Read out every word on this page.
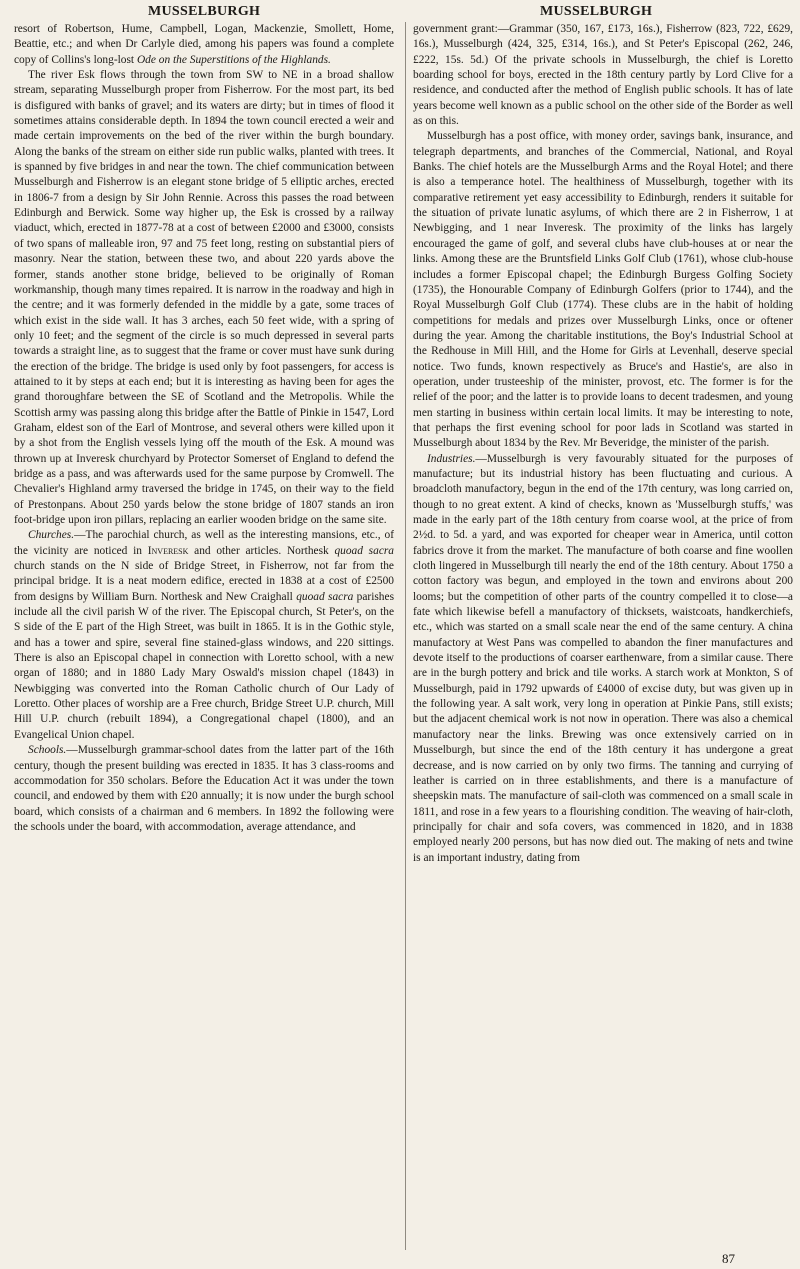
MUSSELBURGH	MUSSELBURGH

resort of Robertson, Hume, Campbell, Logan, Mackenzie, Smollett, Home, Beattie, etc.; and when Dr Carlyle died, among his papers was found a complete copy of Collins's long-lost Ode on the Superstitions of the Highlands.

The river Esk flows through the town from SW to NE in a broad shallow stream, separating Musselburgh proper from Fisherrow. For the most part, its bed is disfigured with banks of gravel; and its waters are dirty; but in times of flood it sometimes attains considerable depth. In 1894 the town council erected a weir and made certain improvements on the bed of the river within the burgh boundary. Along the banks of the stream on either side run public walks, planted with trees. It is spanned by five bridges in and near the town. The chief communication between Musselburgh and Fisherrow is an elegant stone bridge of 5 elliptic arches, erected in 1806-7 from a design by Sir John Rennie. Across this passes the road between Edinburgh and Berwick. Some way higher up, the Esk is crossed by a railway viaduct, which, erected in 1877-78 at a cost of between £2000 and £3000, consists of two spans of malleable iron, 97 and 75 feet long, resting on substantial piers of masonry. Near the station, between these two, and about 220 yards above the former, stands another stone bridge, believed to be originally of Roman workmanship, though many times repaired. It is narrow in the roadway and high in the centre; and it was formerly defended in the middle by a gate, some traces of which exist in the side wall. It has 3 arches, each 50 feet wide, with a spring of only 10 feet; and the segment of the circle is so much depressed in several parts towards a straight line, as to suggest that the frame or cover must have sunk during the erection of the bridge. The bridge is used only by foot passengers, for access is attained to it by steps at each end; but it is interesting as having been for ages the grand thoroughfare between the SE of Scotland and the Metropolis. While the Scottish army was passing along this bridge after the Battle of Pinkie in 1547, Lord Graham, eldest son of the Earl of Montrose, and several others were killed upon it by a shot from the English vessels lying off the mouth of the Esk. A mound was thrown up at Inveresk churchyard by Protector Somerset of England to defend the bridge as a pass, and was afterwards used for the same purpose by Cromwell. The Chevalier's Highland army traversed the bridge in 1745, on their way to the field of Prestonpans. About 250 yards below the stone bridge of 1807 stands an iron foot-bridge upon iron pillars, replacing an earlier wooden bridge on the same site.

Churches.—The parochial church, as well as the interesting mansions, etc., of the vicinity are noticed in Inveresk and other articles. Northesk quoad sacra church stands on the N side of Bridge Street, in Fisherrow, not far from the principal bridge. It is a neat modern edifice, erected in 1838 at a cost of £2500 from designs by William Burn. Northesk and New Craighall quoad sacra parishes include all the civil parish W of the river. The Episcopal church, St Peter's, on the S side of the E part of the High Street, was built in 1865. It is in the Gothic style, and has a tower and spire, several fine stained-glass windows, and 220 sittings. There is also an Episcopal chapel in connection with Loretto school, with a new organ of 1880; and in 1880 Lady Mary Oswald's mission chapel (1843) in Newbigging was converted into the Roman Catholic church of Our Lady of Loretto. Other places of worship are a Free church, Bridge Street U.P. church, Mill Hill U.P. church (rebuilt 1894), a Congregational chapel (1800), and an Evangelical Union chapel.

Schools.—Musselburgh grammar-school dates from the latter part of the 16th century, though the present building was erected in 1835. It has 3 class-rooms and accommodation for 350 scholars. Before the Education Act it was under the town council, and endowed by them with £20 annually; it is now under the burgh school board, which consists of a chairman and 6 members. In 1892 the following were the schools under the board, with accommodation, average attendance, and

government grant:—Grammar (350, 167, £173, 16s.), Fisherrow (823, 722, £629, 16s.), Musselburgh (424, 325, £314, 16s.), and St Peter's Episcopal (262, 246, £222, 15s. 5d.) Of the private schools in Musselburgh, the chief is Loretto boarding school for boys, erected in the 18th century partly by Lord Clive for a residence, and conducted after the method of English public schools. It has of late years become well known as a public school on the other side of the Border as well as on this.

Musselburgh has a post office, with money order, savings bank, insurance, and telegraph departments, and branches of the Commercial, National, and Royal Banks. The chief hotels are the Musselburgh Arms and the Royal Hotel; and there is also a temperance hotel. The healthiness of Musselburgh, together with its comparative retirement yet easy accessibility to Edinburgh, renders it suitable for the situation of private lunatic asylums, of which there are 2 in Fisherrow, 1 at Newbigging, and 1 near Inveresk. The proximity of the links has largely encouraged the game of golf, and several clubs have club-houses at or near the links. Among these are the Bruntsfield Links Golf Club (1761), whose club-house includes a former Episcopal chapel; the Edinburgh Burgess Golfing Society (1735), the Honourable Company of Edinburgh Golfers (prior to 1744), and the Royal Musselburgh Golf Club (1774). These clubs are in the habit of holding competitions for medals and prizes over Musselburgh Links, once or oftener during the year. Among the charitable institutions, the Boy's Industrial School at the Redhouse in Mill Hill, and the Home for Girls at Levenhall, deserve special notice. Two funds, known respectively as Bruce's and Hastie's, are also in operation, under trusteeship of the minister, provost, etc. The former is for the relief of the poor; and the latter is to provide loans to decent tradesmen, and young men starting in business within certain local limits. It may be interesting to note, that perhaps the first evening school for poor lads in Scotland was started in Musselburgh about 1834 by the Rev. Mr Beveridge, the minister of the parish.

Industries.—Musselburgh is very favourably situated for the purposes of manufacture; but its industrial history has been fluctuating and curious. A broadcloth manufactory, begun in the end of the 17th century, was long carried on, though to no great extent. A kind of checks, known as 'Musselburgh stuffs,' was made in the early part of the 18th century from coarse wool, at the price of from 2½d. to 5d. a yard, and was exported for cheaper wear in America, until cotton fabrics drove it from the market. The manufacture of both coarse and fine woollen cloth lingered in Musselburgh till nearly the end of the 18th century. About 1750 a cotton factory was begun, and employed in the town and environs about 200 looms; but the competition of other parts of the country compelled it to close—a fate which likewise befell a manufactory of thicksets, waistcoats, handkerchiefs, etc., which was started on a small scale near the end of the same century. A china manufactory at West Pans was compelled to abandon the finer manufactures and devote itself to the productions of coarser earthenware, from a similar cause. There are in the burgh pottery and brick and tile works. A starch work at Monkton, S of Musselburgh, paid in 1792 upwards of £4000 of excise duty, but was given up in the following year. A salt work, very long in operation at Pinkie Pans, still exists; but the adjacent chemical work is not now in operation. There was also a chemical manufactory near the links. Brewing was once extensively carried on in Musselburgh, but since the end of the 18th century it has undergone a great decrease, and is now carried on by only two firms. The tanning and currying of leather is carried on in three establishments, and there is a manufacture of sheepskin mats. The manufacture of sail-cloth was commenced on a small scale in 1811, and rose in a few years to a flourishing condition. The weaving of hair-cloth, principally for chair and sofa covers, was commenced in 1820, and in 1838 employed nearly 200 persons, but has now died out. The making of nets and twine is an important industry, dating from

87
